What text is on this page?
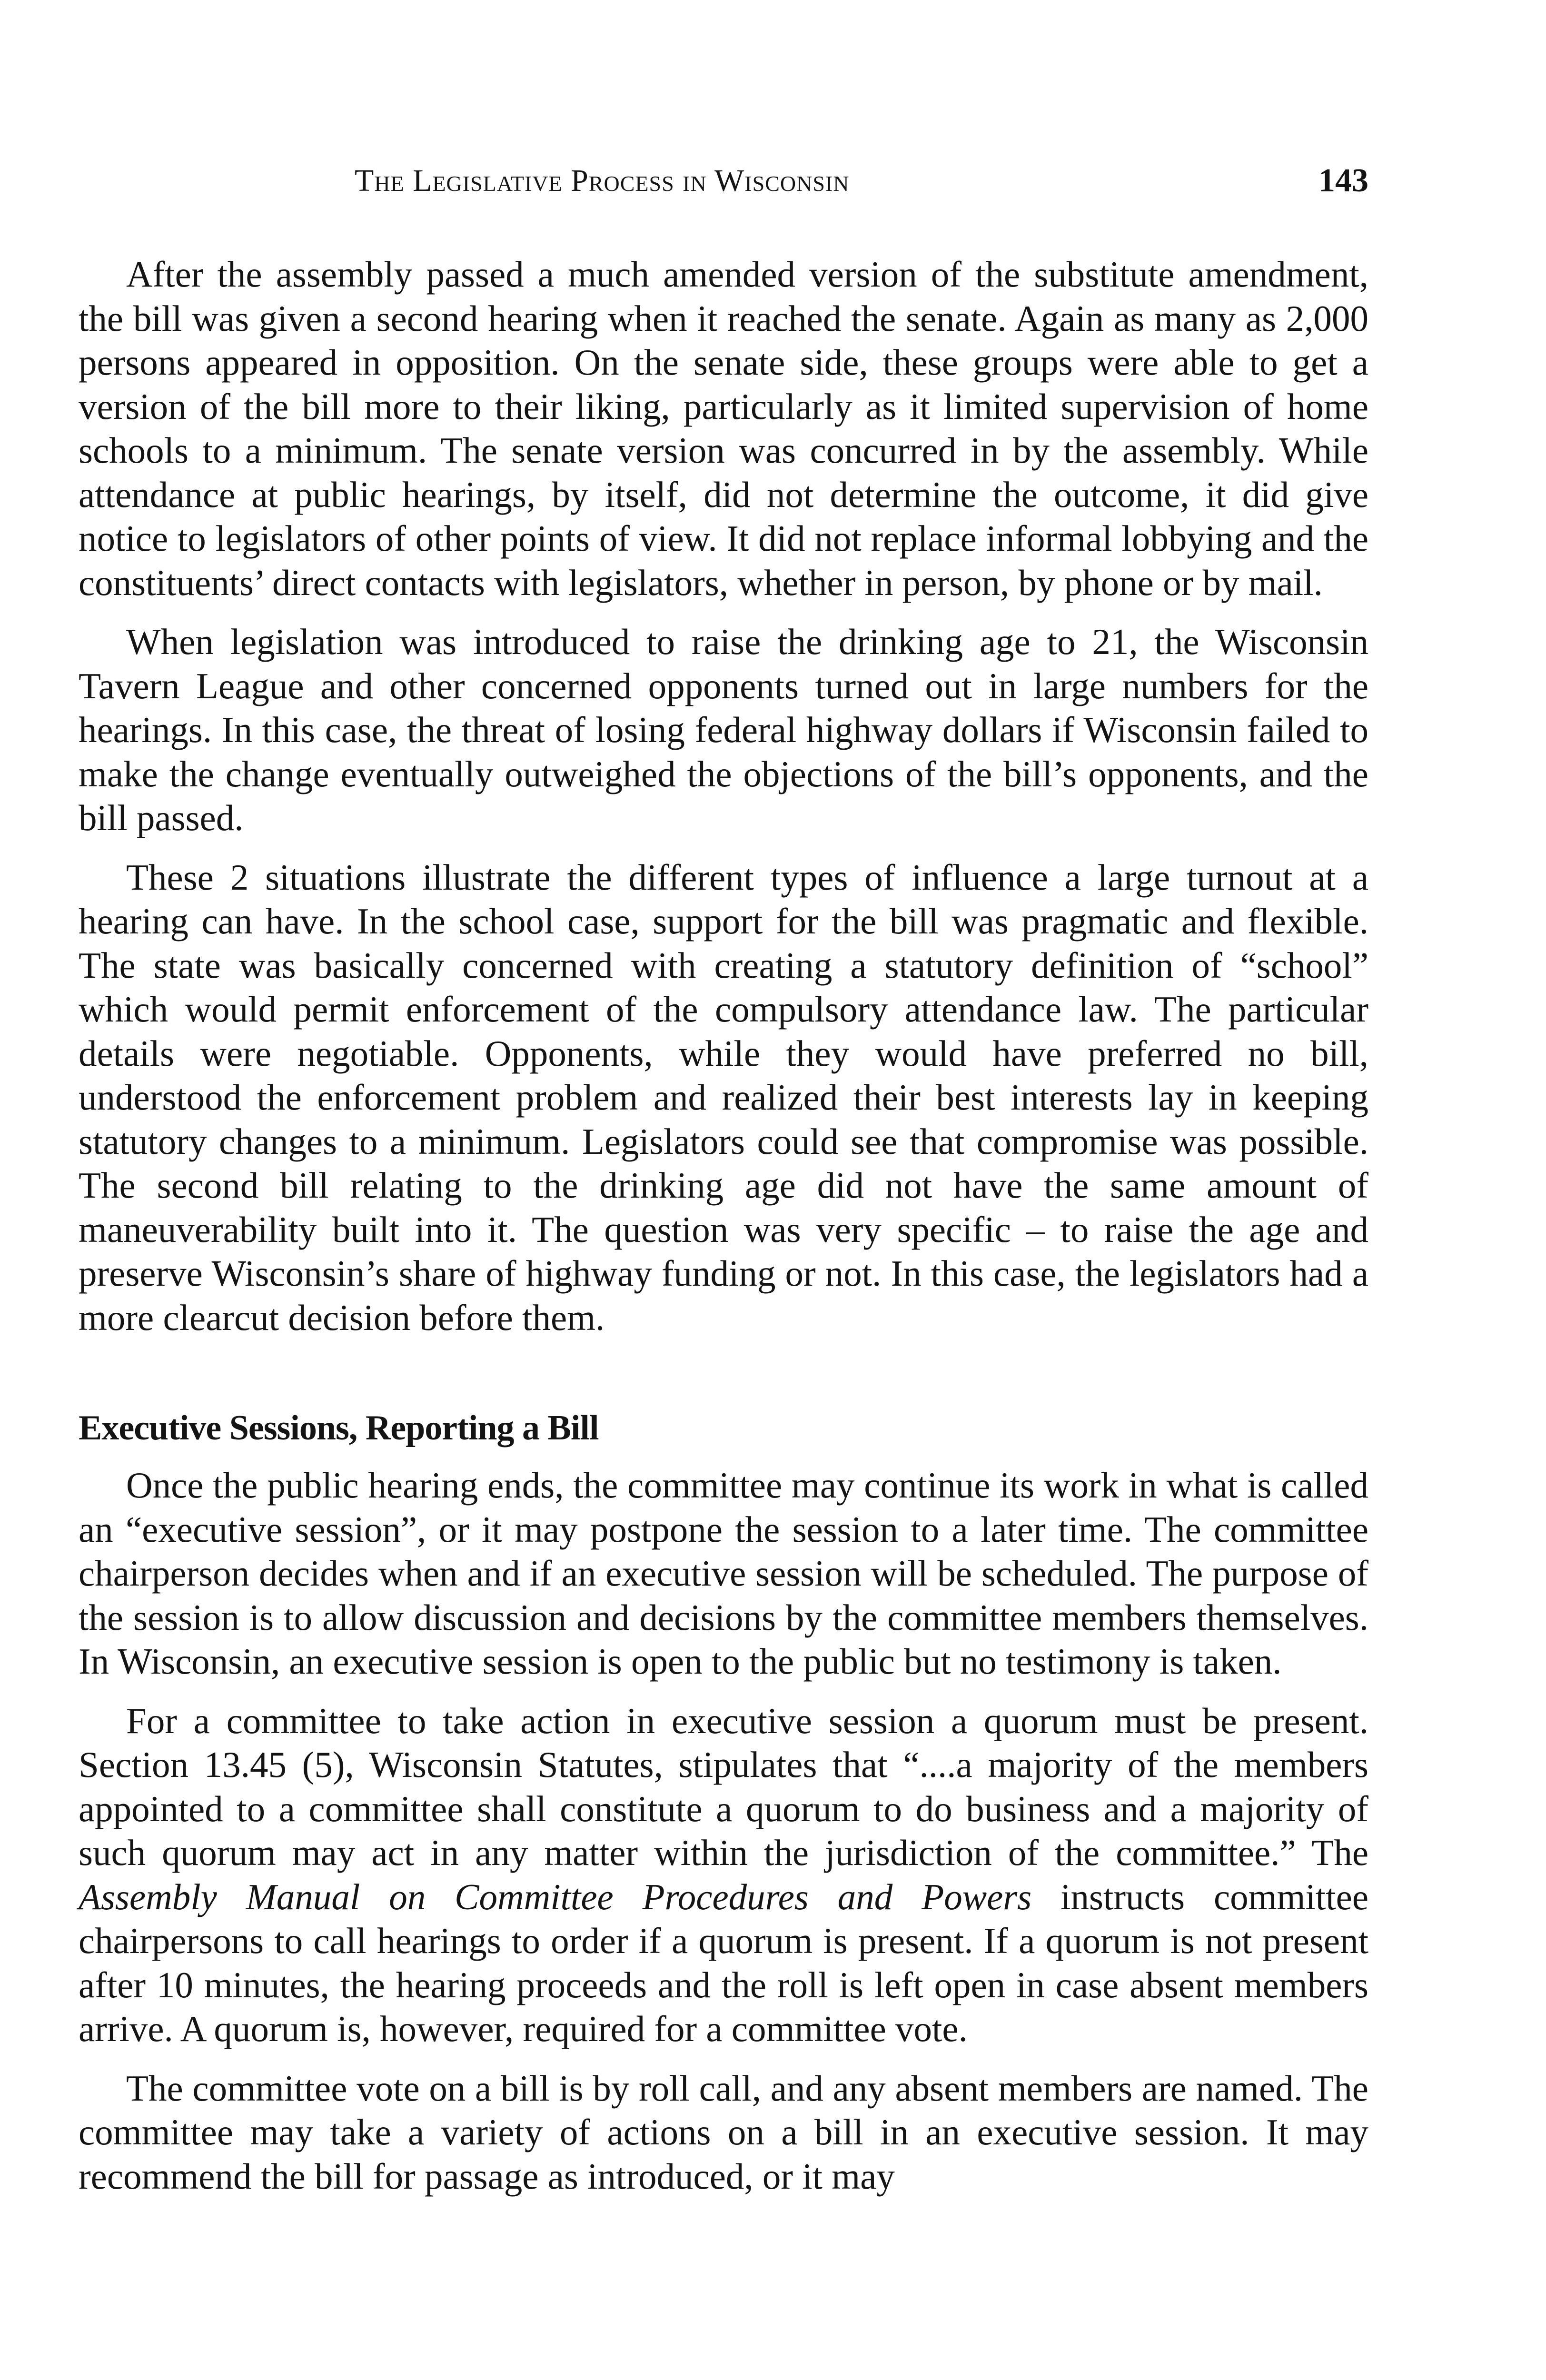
The Legislative Process in Wisconsin	143

After the assembly passed a much amended version of the substitute amendment, the bill was given a second hearing when it reached the senate. Again as many as 2,000 persons appeared in opposition. On the senate side, these groups were able to get a version of the bill more to their liking, particularly as it limited supervision of home schools to a minimum. The senate version was concurred in by the assembly. While attendance at public hearings, by itself, did not determine the outcome, it did give notice to legislators of other points of view. It did not replace informal lobbying and the constituents’ direct contacts with legislators, whether in person, by phone or by mail.

When legislation was introduced to raise the drinking age to 21, the Wisconsin Tavern League and other concerned opponents turned out in large numbers for the hearings. In this case, the threat of losing federal highway dollars if Wisconsin failed to make the change eventually outweighed the objections of the bill’s opponents, and the bill passed.

These 2 situations illustrate the different types of influence a large turnout at a hearing can have. In the school case, support for the bill was pragmatic and flexible. The state was basically concerned with creating a statutory definition of “school” which would permit enforcement of the compulsory attendance law. The particular details were negotiable. Opponents, while they would have preferred no bill, understood the enforcement problem and realized their best interests lay in keeping statutory changes to a minimum. Legislators could see that compromise was possible. The second bill relating to the drinking age did not have the same amount of maneuverability built into it. The question was very specific – to raise the age and preserve Wisconsin’s share of highway funding or not. In this case, the legislators had a more clearcut decision before them.

Executive Sessions, Reporting a Bill

Once the public hearing ends, the committee may continue its work in what is called an “executive session”, or it may postpone the session to a later time. The committee chairperson decides when and if an executive session will be scheduled. The purpose of the session is to allow discussion and decisions by the committee members themselves. In Wisconsin, an executive session is open to the public but no testimony is taken.

For a committee to take action in executive session a quorum must be present. Section 13.45 (5), Wisconsin Statutes, stipulates that “....a majority of the members appointed to a committee shall constitute a quorum to do business and a majority of such quorum may act in any matter within the jurisdiction of the committee.” The Assembly Manual on Committee Procedures and Powers instructs committee chairpersons to call hearings to order if a quorum is present. If a quorum is not present after 10 minutes, the hearing proceeds and the roll is left open in case absent members arrive. A quorum is, however, required for a committee vote.

The committee vote on a bill is by roll call, and any absent members are named. The committee may take a variety of actions on a bill in an executive session. It may recommend the bill for passage as introduced, or it may
